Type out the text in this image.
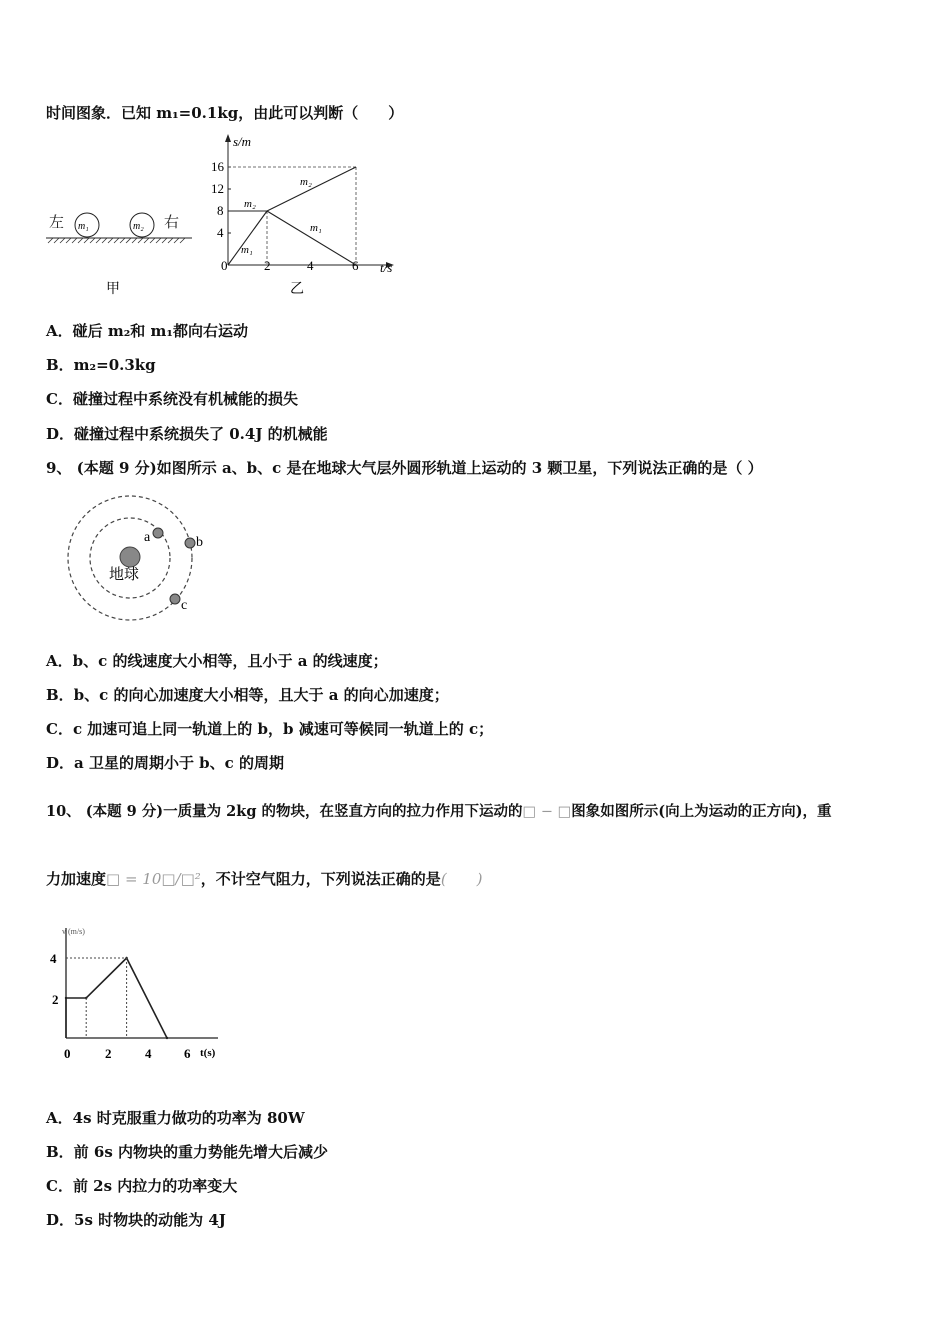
时间图象．已知 m₁=0.1kg，由此可以判断（　　）
左 m₁	m₂ 右
甲
s/m
t/s
16
12
8
4
0	2	4	6
m₂
m₁
m₂
m₁
乙
A．碰后 m₂和 m₁都向右运动
B．m₂=0.3kg
C．碰撞过程中系统没有机械能的损失
D．碰撞过程中系统损失了 0.4J 的机械能
9、 (本题 9 分)如图所示 a、b、c 是在地球大气层外圆形轨道上运动的 3 颗卫星，下列说法正确的是（ ）
地球
a	b
c
A．b、c 的线速度大小相等，且小于 a 的线速度；
B．b、c 的向心加速度大小相等，且大于 a 的向心加速度；
C．c 加速可追上同一轨道上的 b，b 减速可等候同一轨道上的 c；
D．a 卫星的周期小于 b、c 的周期
10、 (本题 9 分)一质量为 2kg 的物块，在竖直方向的拉力作用下运动的□ − □图象如图所示(向上为运动的正方向)，重
力加速度□ = 10□/□²，不计空气阻力，下列说法正确的是(　　)
v (m/s)
t(s)
4
2
0	2	4	6
A．4s 时克服重力做功的功率为 80W
B．前 6s 内物块的重力势能先增大后减少
C．前 2s 内拉力的功率变大
D．5s 时物块的动能为 4J
